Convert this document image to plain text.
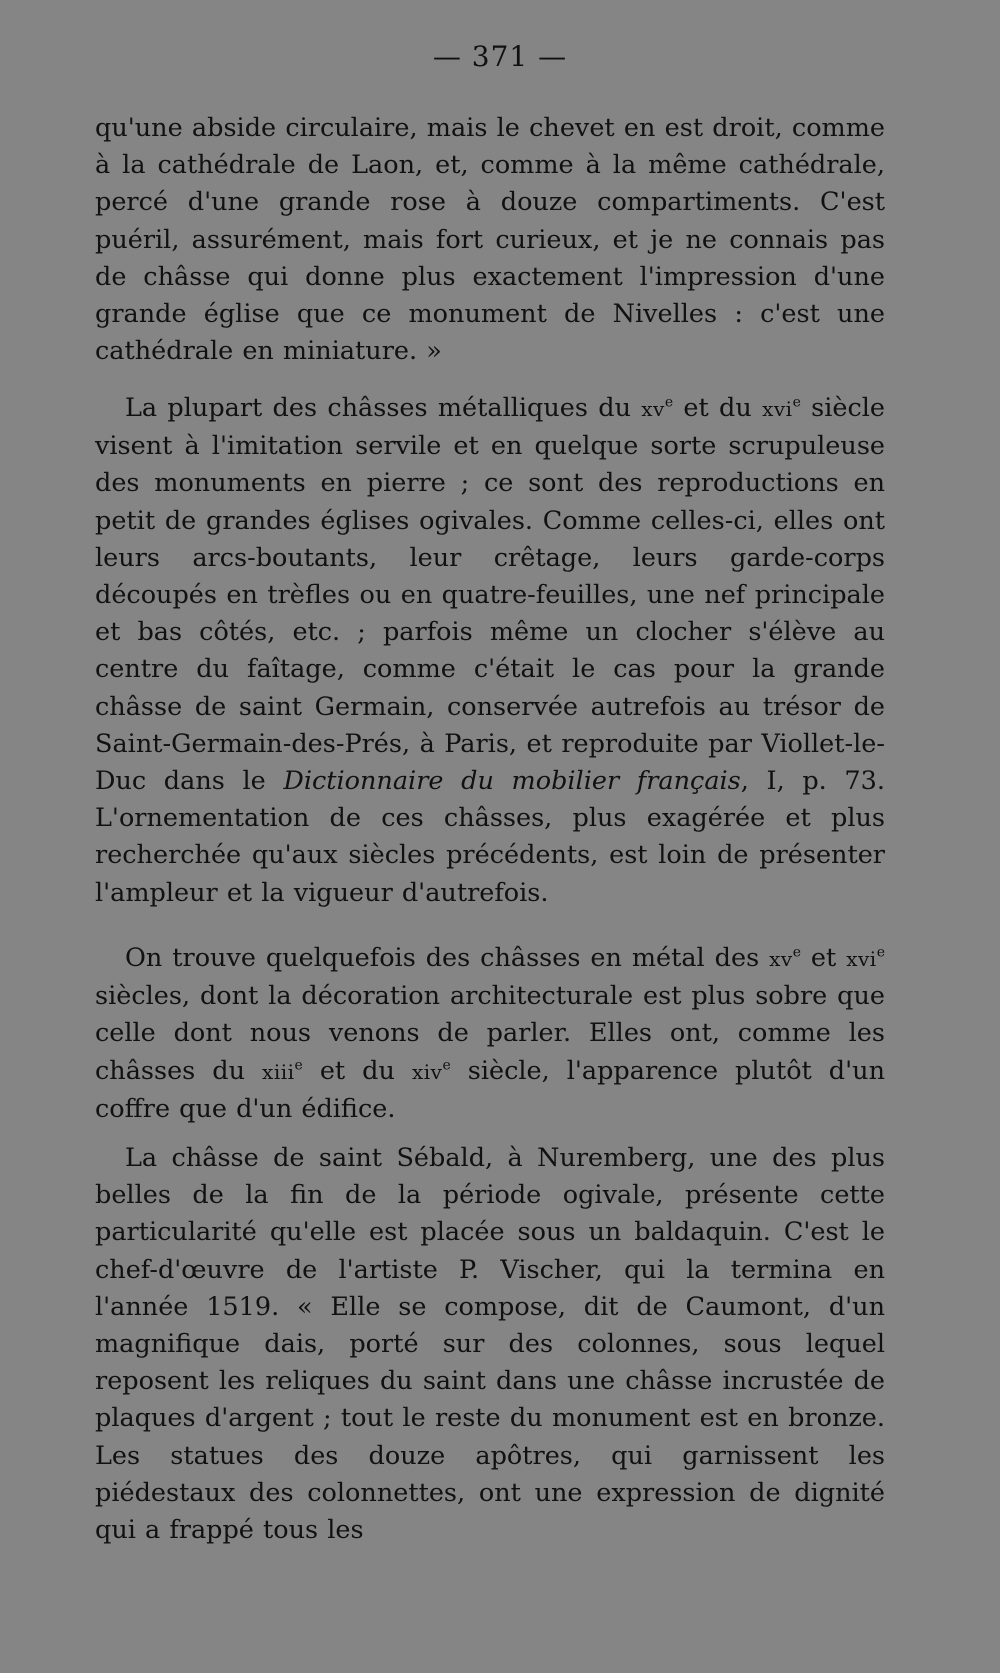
— 371 —

qu'une abside circulaire, mais le chevet en est droit, comme à la cathédrale de Laon, et, comme à la même cathédrale, percé d'une grande rose à douze compartiments. C'est puéril, assurément, mais fort curieux, et je ne connais pas de châsse qui donne plus exactement l'impression d'une grande église que ce monument de Nivelles : c'est une cathédrale en miniature. »

La plupart des châsses métalliques du $xv^e$ et du xvi$^e$ siècle visent à l'imitation servile et en quelque sorte scrupuleuse des monuments en pierre ; ce sont des reproductions en petit de grandes églises ogivales. Comme celles-ci, elles ont leurs arcs-boutants, leur crêtage, leurs garde-corps découpés en trèfles ou en quatre-feuilles, une nef principale et bas côtés, etc. ; parfois même un clocher s'élève au centre du faîtage, comme c'était le cas pour la grande châsse de saint Germain, conservée autrefois au trésor de Saint-Germain-des-Prés, à Paris, et reproduite par Viollet-le-Duc dans le Dictionnaire du mobilier français, I, p. 73. L'ornementation de ces châsses, plus exagérée et plus recherchée qu'aux siècles précédents, est loin de présenter l'ampleur et la vigueur d'autrefois.

On trouve quelquefois des châsses en métal des $xv^e$ et xvi$^e$ siècles, dont la décoration architecturale est plus sobre que celle dont nous venons de parler. Elles ont, comme les châsses du xiii$^e$ et du xiv$^e$ siècle, l'apparence plutôt d'un coffre que d'un édifice.

La châsse de saint Sébald, à Nuremberg, une des plus belles de la fin de la période ogivale, présente cette particularité qu'elle est placée sous un baldaquin. C'est le chef-d'œuvre de l'artiste P. Vischer, qui la termina en l'année 1519. « Elle se compose, dit de Caumont, d'un magnifique dais, porté sur des colonnes, sous lequel reposent les reliques du saint dans une châsse incrustée de plaques d'argent ; tout le reste du monument est en bronze. Les statues des douze apôtres, qui garnissent les piédestaux des colonnettes, ont une expression de dignité qui a frappé tous les
